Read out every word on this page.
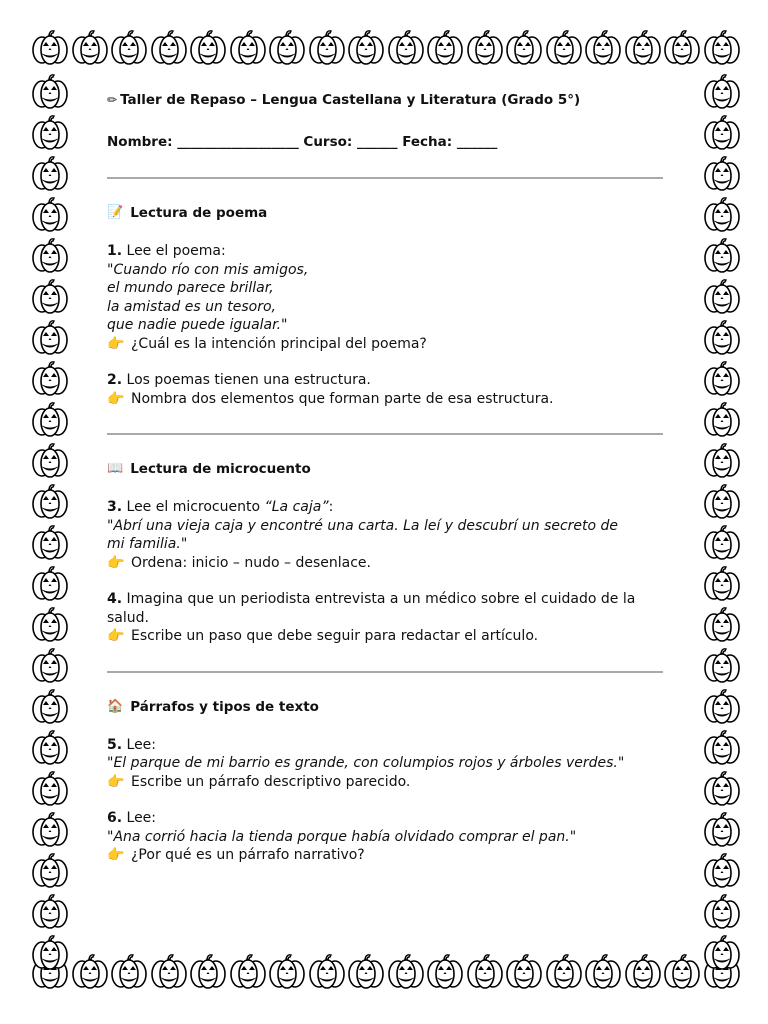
✏ Taller de Repaso – Lengua Castellana y Literatura (Grado 5°)

Nombre: __________________ Curso: ______ Fecha: ______
📝 Lectura de poema

1. Lee el poema:

"Cuando río con mis amigos,

el mundo parece brillar,

la amistad es un tesoro,

que nadie puede igualar."

👉 ¿Cuál es la intención principal del poema?

2. Los poemas tienen una estructura.

👉 Nombra dos elementos que forman parte de esa estructura.

📖 Lectura de microcuento

3. Lee el microcuento “La caja”:

"Abrí una vieja caja y encontré una carta. La leí y descubrí un secreto de

mi familia."

👉 Ordena: inicio – nudo – desenlace.

4. Imagina que un periodista entrevista a un médico sobre el cuidado de la

salud.

👉 Escribe un paso que debe seguir para redactar el artículo.

🏠 Párrafos y tipos de texto

5. Lee:

"El parque de mi barrio es grande, con columpios rojos y árboles verdes."

👉 Escribe un párrafo descriptivo parecido.

6. Lee:

"Ana corrió hacia la tienda porque había olvidado comprar el pan."

👉 ¿Por qué es un párrafo narrativo?
